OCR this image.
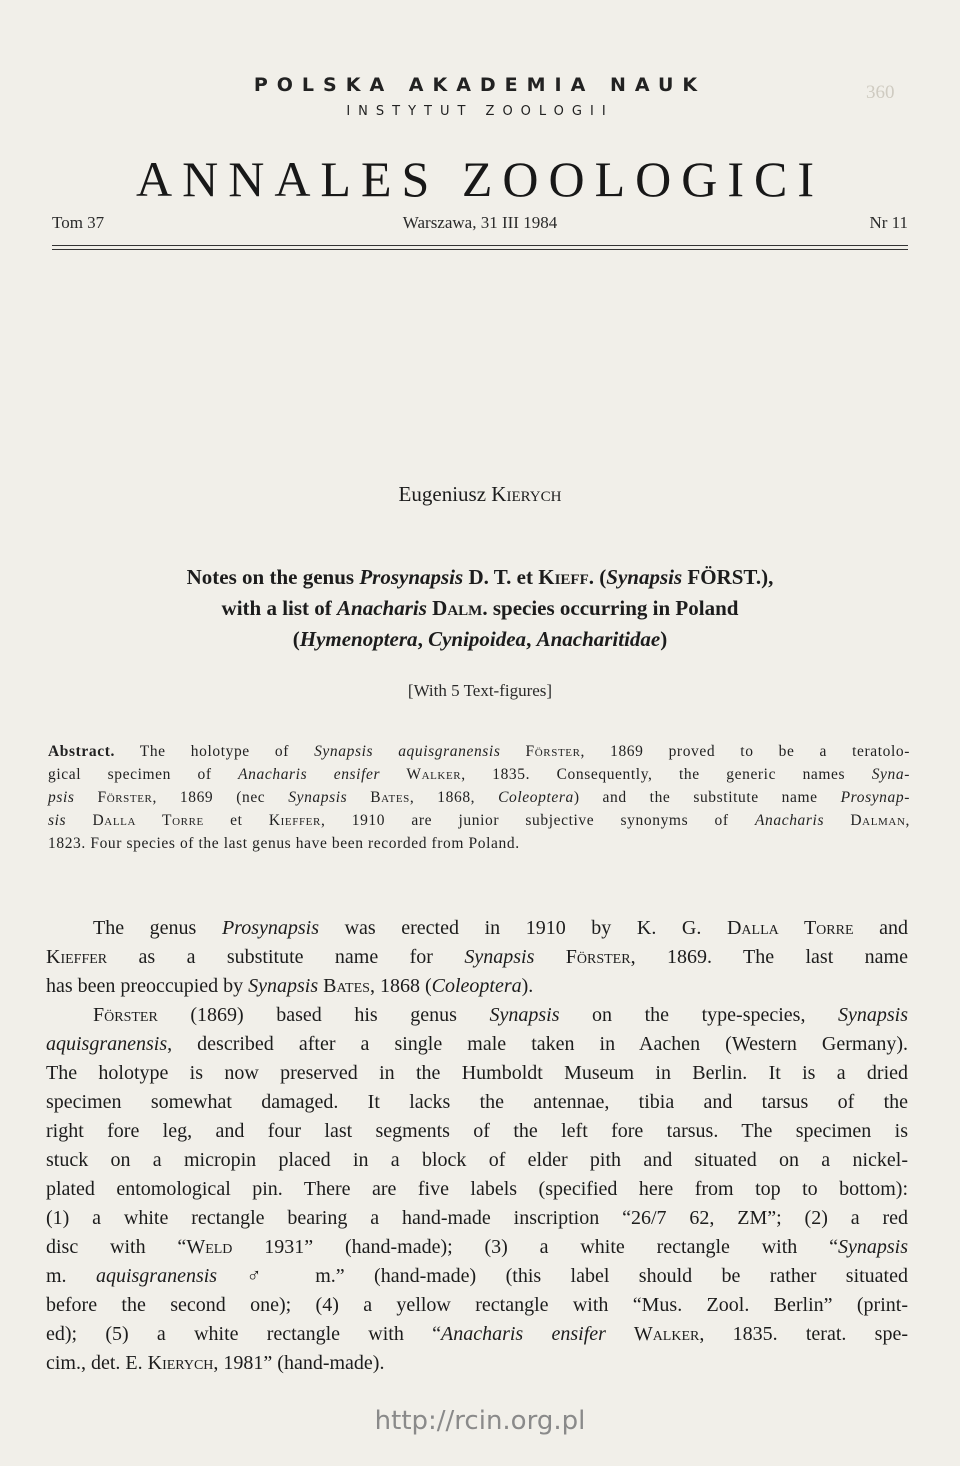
360
POLSKA AKADEMIA NAUK
INSTYTUT ZOOLOGII
ANNALES ZOOLOGICI
Tom 37	Warszawa, 31 III 1984	Nr 11
Eugeniusz Kierych
Notes on the genus Prosynapsis D. T. et Kieff. (Synapsis FÖRST.),
with a list of Anacharis Dalm. species occurring in Poland
(Hymenoptera, Cynipoidea, Anacharitidae)
[With 5 Text-figures]
Abstract. The holotype of Synapsis aquisgranensis Förster, 1869 proved to be a teratolo-
gical specimen of Anacharis ensifer Walker, 1835. Consequently, the generic names Syna-
psis Förster, 1869 (nec Synapsis Bates, 1868, Coleoptera) and the substitute name Prosynap-
sis Dalla Torre et Kieffer, 1910 are junior subjective synonyms of Anacharis Dalman,
1823. Four species of the last genus have been recorded from Poland.
The genus Prosynapsis was erected in 1910 by K. G. Dalla Torre and
Kieffer as a substitute name for Synapsis Förster, 1869. The last name
has been preoccupied by Synapsis Bates, 1868 (Coleoptera).
Förster (1869) based his genus Synapsis on the type-species, Synapsis
aquisgranensis, described after a single male taken in Aachen (Western Germany).
The holotype is now preserved in the Humboldt Museum in Berlin. It is a dried
specimen somewhat damaged. It lacks the antennae, tibia and tarsus of the
right fore leg, and four last segments of the left fore tarsus. The specimen is
stuck on a micropin placed in a block of elder pith and situated on a nickel-
plated entomological pin. There are five labels (specified here from top to bottom):
(1) a white rectangle bearing a hand-made inscription “26/7 62, ZM”; (2) a red
disc with “Weld 1931” (hand-made); (3) a white rectangle with “Synapsis
m. aquisgranensis ♂ m.” (hand-made) (this label should be rather situated
before the second one); (4) a yellow rectangle with “Mus. Zool. Berlin” (print-
ed); (5) a white rectangle with “Anacharis ensifer Walker, 1835. terat. spe-
cim., det. E. Kierych, 1981” (hand-made).
http://rcin.org.pl
